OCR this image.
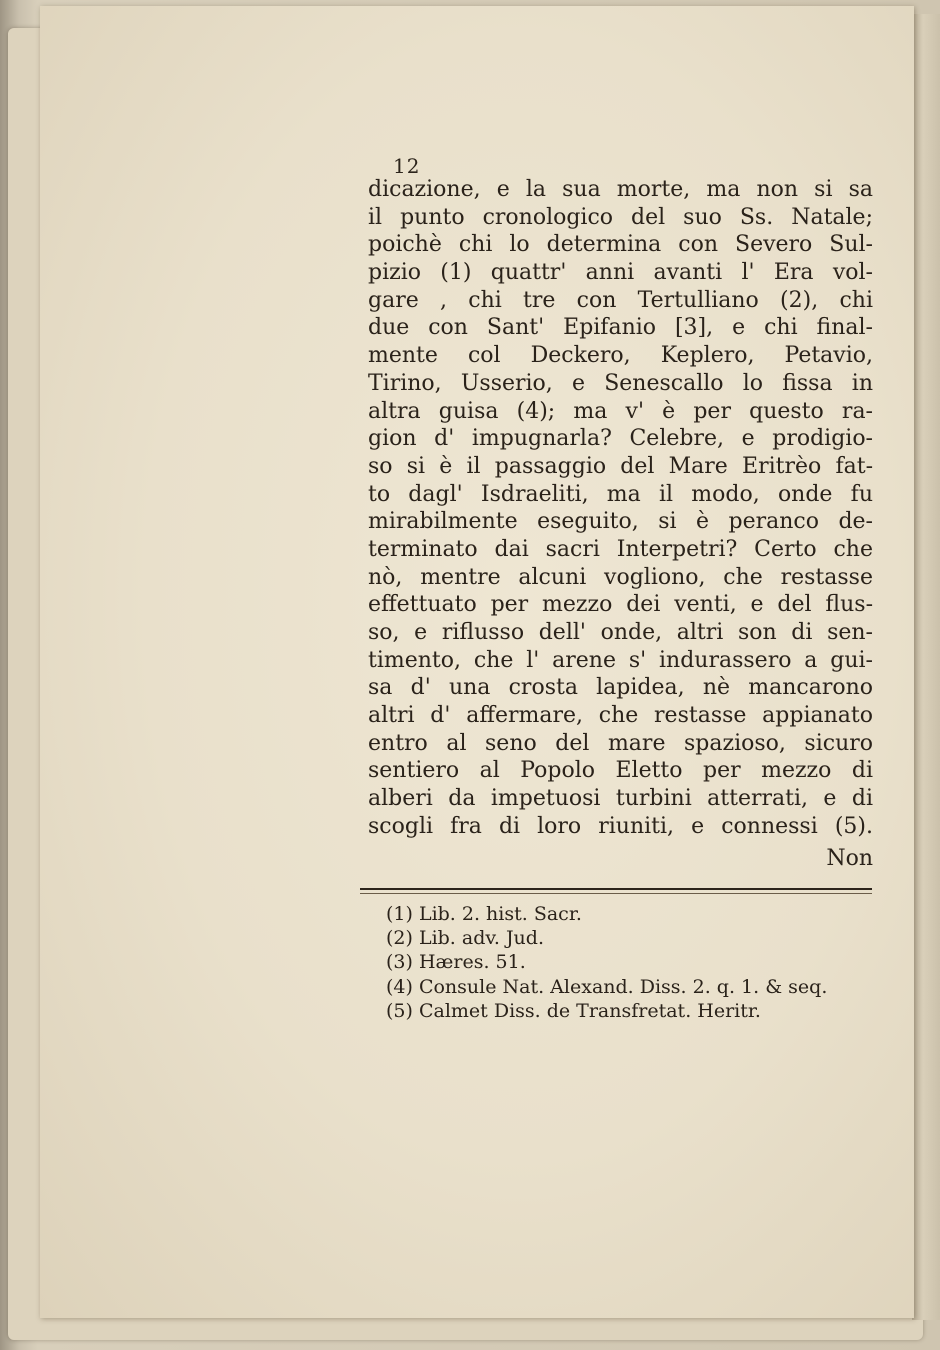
12
dicazione, e la sua morte, ma non si sa
il punto cronologico del suo Ss. Natale;
poichè chi lo determina con Severo Sul-
pizio (1) quattr' anni avanti l' Era vol-
gare , chi tre con Tertulliano (2), chi
due con Sant' Epifanio [3], e chi final-
mente col Deckero, Keplero, Petavio,
Tirino, Usserio, e Senescallo lo fissa in
altra guisa (4); ma v' è per questo ra-
gion d' impugnarla? Celebre, e prodigio-
so si è il passaggio del Mare Eritrèo fat-
to dagl' Isdraeliti, ma il modo, onde fu
mirabilmente eseguito, si è peranco de-
terminato dai sacri Interpetri? Certo che
nò, mentre alcuni vogliono, che restasse
effettuato per mezzo dei venti, e del flus-
so, e riflusso dell' onde, altri son di sen-
timento, che l' arene s' indurassero a gui-
sa d' una crosta lapidea, nè mancarono
altri d' affermare, che restasse appianato
entro al seno del mare spazioso, sicuro
sentiero al Popolo Eletto per mezzo di
alberi da impetuosi turbini atterrati, e di
scogli fra di loro riuniti, e connessi (5).
Non
(1) Lib. 2. hist. Sacr.
(2) Lib. adv. Jud.
(3) Hæres. 51.
(4) Consule Nat. Alexand. Diss. 2. q. 1. & seq.
(5) Calmet Diss. de Transfretat. Heritr.
